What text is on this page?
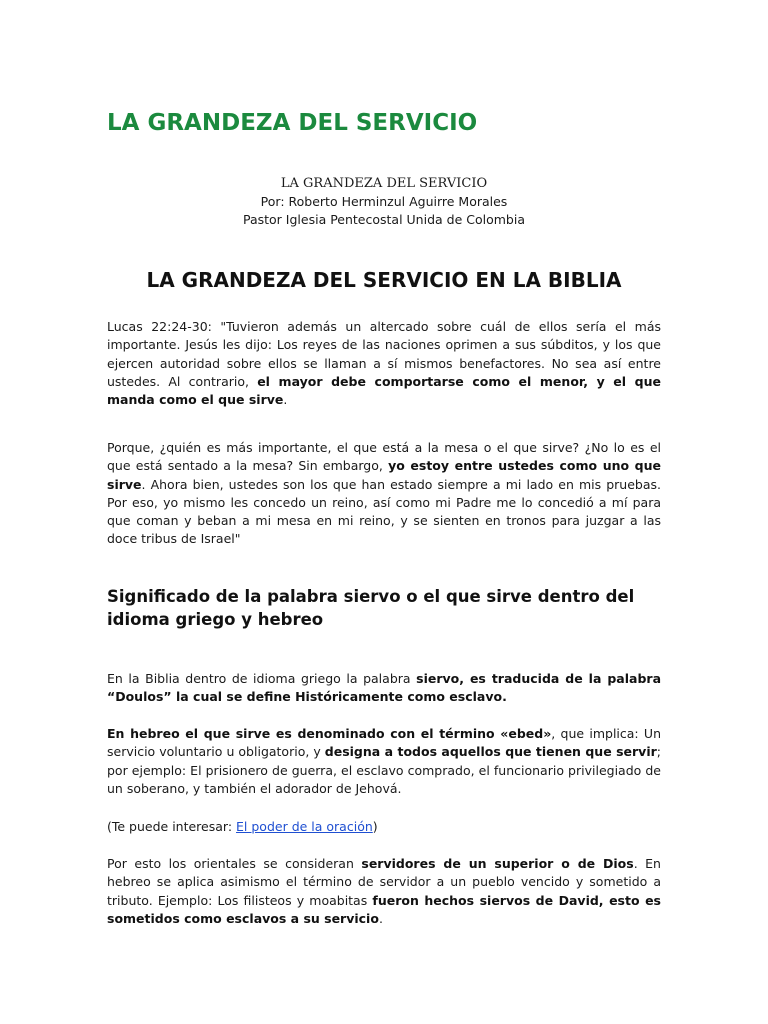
LA GRANDEZA DEL SERVICIO
LA GRANDEZA DEL SERVICIO
Por: Roberto Herminzul Aguirre Morales
Pastor Iglesia Pentecostal Unida de Colombia
LA GRANDEZA DEL SERVICIO EN LA BIBLIA

Lucas 22:24-30: "Tuvieron además un altercado sobre cuál de ellos sería el más importante. Jesús les dijo: Los reyes de las naciones oprimen a sus súbditos, y los que ejercen autoridad sobre ellos se llaman a sí mismos benefactores. No sea así entre ustedes. Al contrario, el mayor debe comportarse como el menor, y el que manda como el que sirve.

Porque, ¿quién es más importante, el que está a la mesa o el que sirve? ¿No lo es el que está sentado a la mesa? Sin embargo, yo estoy entre ustedes como uno que sirve. Ahora bien, ustedes son los que han estado siempre a mi lado en mis pruebas. Por eso, yo mismo les concedo un reino, así como mi Padre me lo concedió a mí para que coman y beban a mi mesa en mi reino, y se sienten en tronos para juzgar a las doce tribus de Israel"

Significado de la palabra siervo o el que sirve dentro del idioma griego y hebreo

En la Biblia dentro de idioma griego la palabra siervo, es traducida de la palabra “Doulos” la cual se define Históricamente como esclavo.

En hebreo el que sirve es denominado con el término «ebed», que implica: Un servicio voluntario u obligatorio, y designa a todos aquellos que tienen que servir; por ejemplo: El prisionero de guerra, el esclavo comprado, el funcionario privilegiado de un soberano, y también el adorador de Jehová.

(Te puede interesar: El poder de la oración)

Por esto los orientales se consideran servidores de un superior o de Dios. En hebreo se aplica asimismo el término de servidor a un pueblo vencido y sometido a tributo. Ejemplo: Los filisteos y moabitas fueron hechos siervos de David, esto es sometidos como esclavos a su servicio.
